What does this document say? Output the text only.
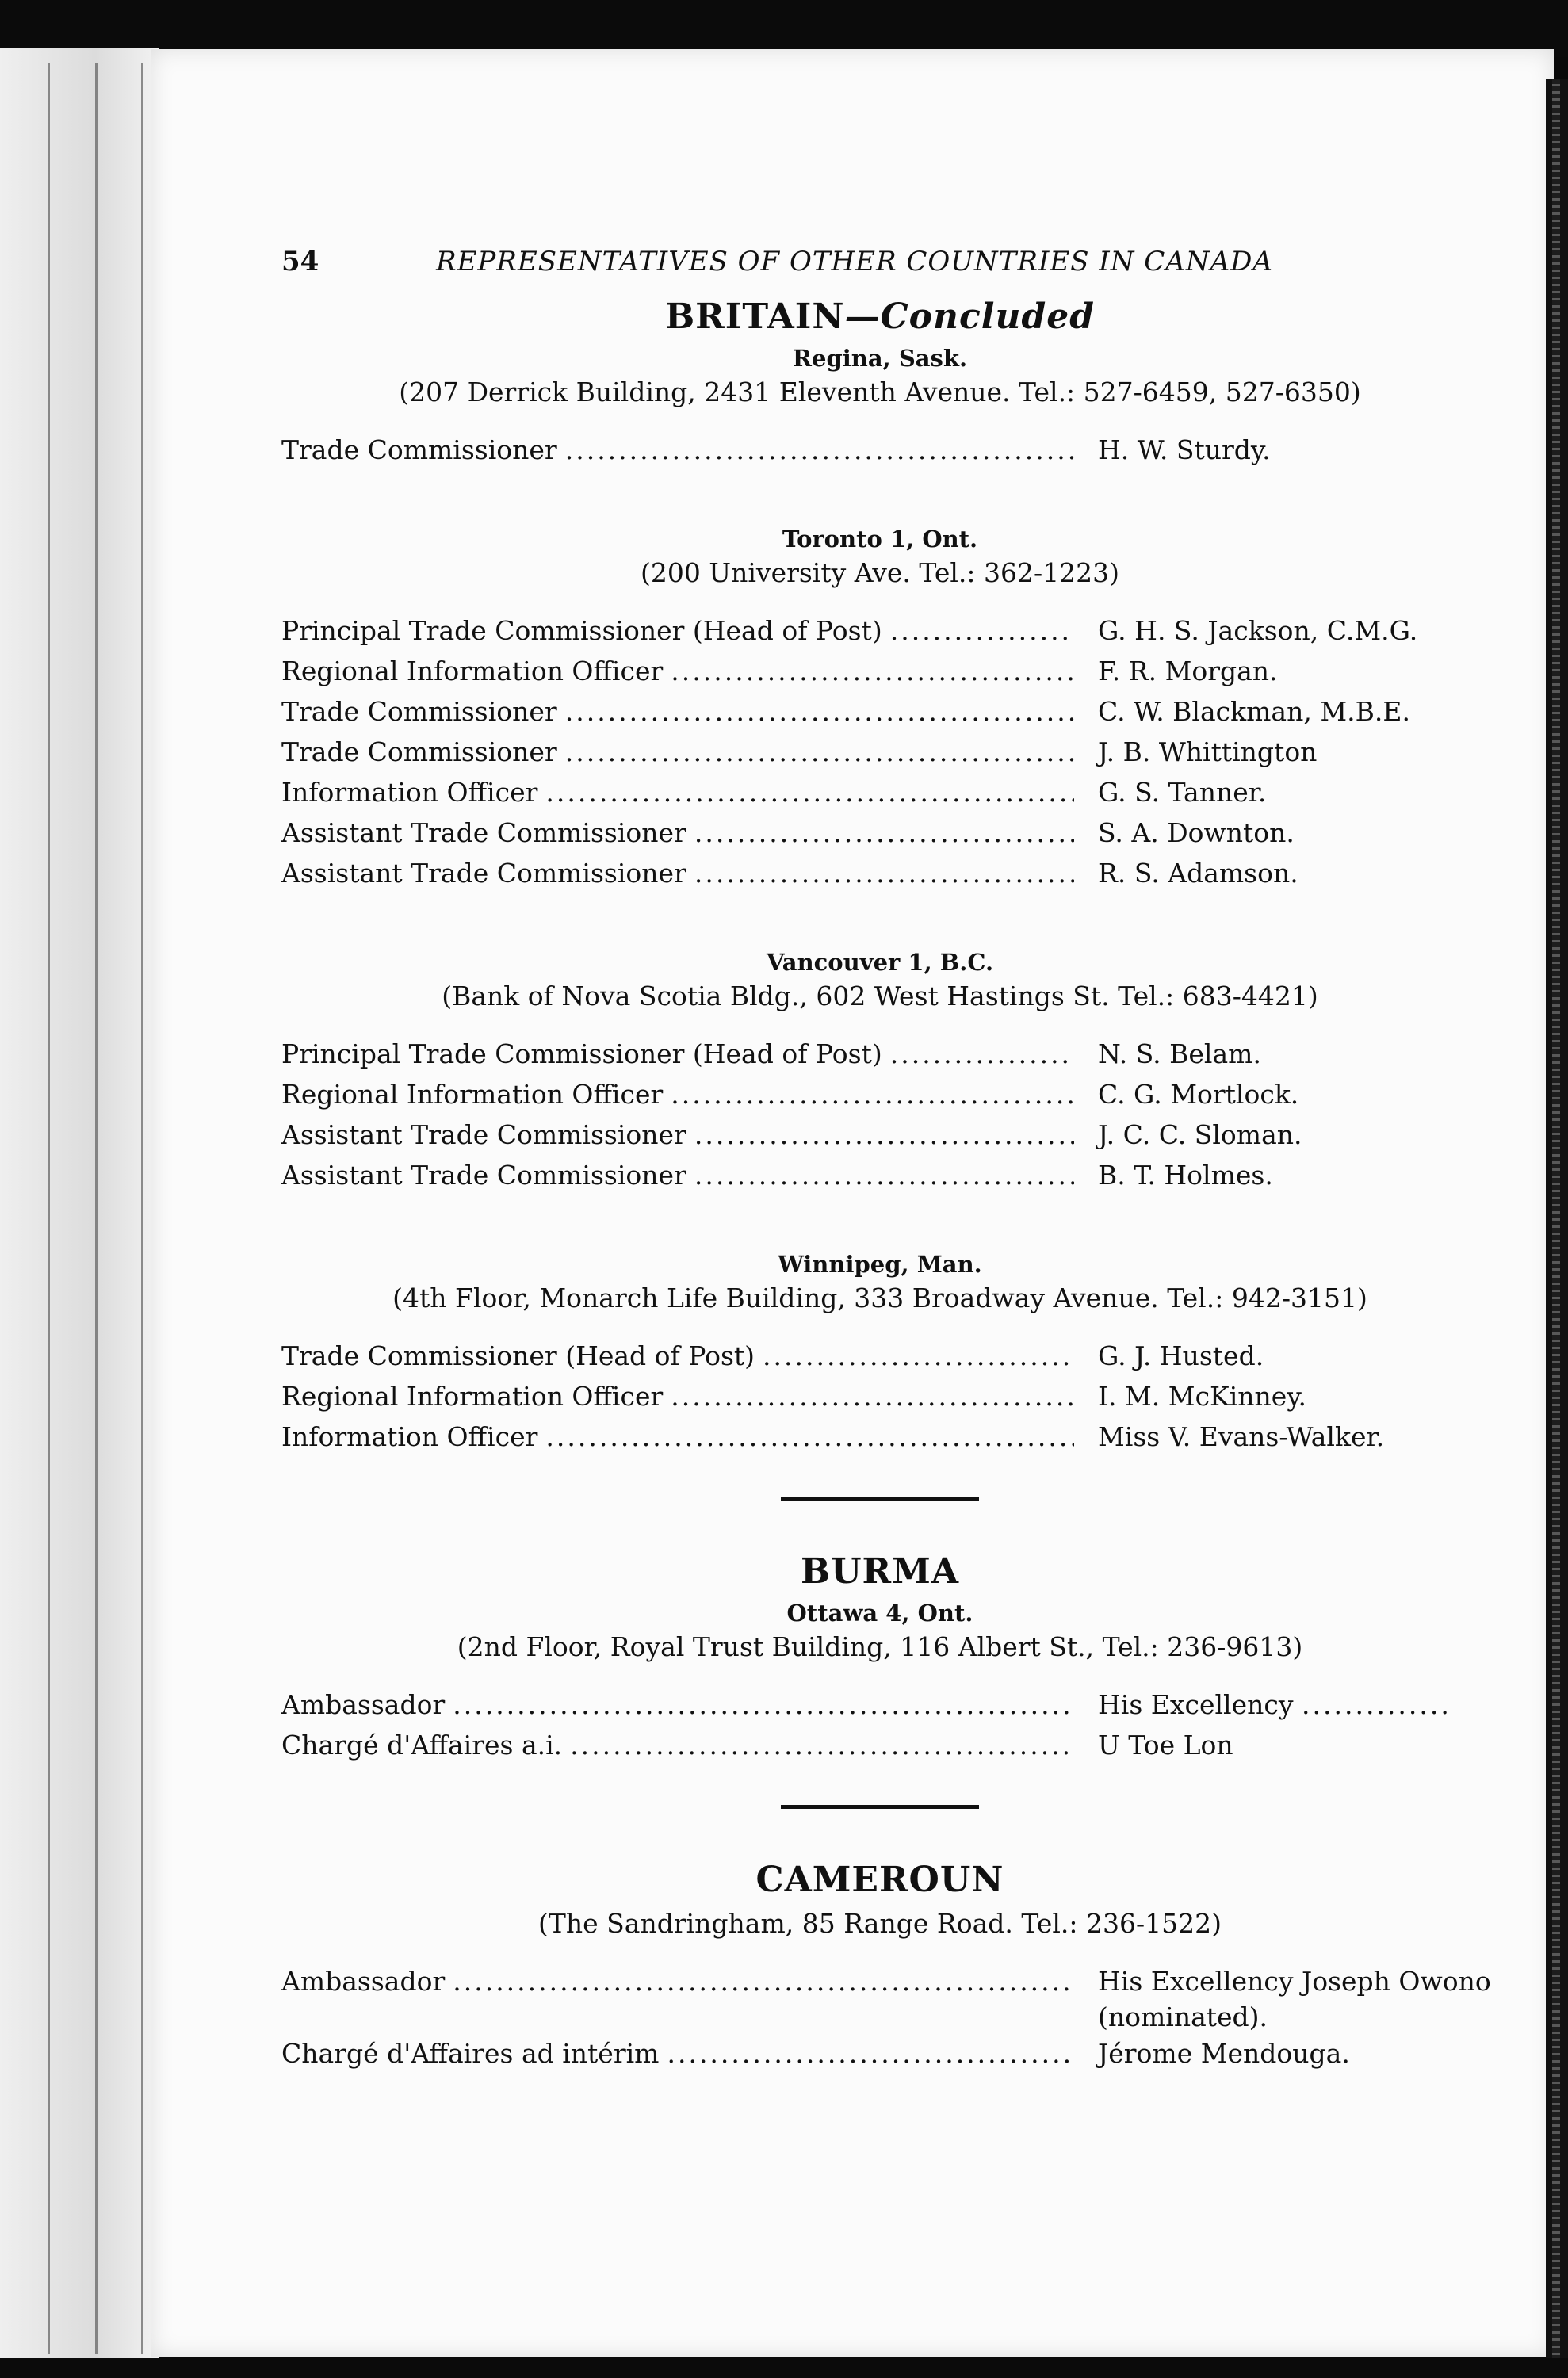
54	REPRESENTATIVES OF OTHER COUNTRIES IN CANADA
BRITAIN—Concluded
Regina, Sask.
(207 Derrick Building, 2431 Eleventh Avenue. Tel.: 527-6459, 527-6350)
Trade Commissioner .....	H. W. Sturdy.
Toronto 1, Ont.
(200 University Ave. Tel.: 362-1223)
Principal Trade Commissioner (Head of Post) .....	G. H. S. Jackson, C.M.G.
Regional Information Officer .....	F. R. Morgan.
Trade Commissioner .....	C. W. Blackman, M.B.E.
Trade Commissioner .....	J. B. Whittington
Information Officer .....	G. S. Tanner.
Assistant Trade Commissioner .....	S. A. Downton.
Assistant Trade Commissioner .....	R. S. Adamson.
Vancouver 1, B.C.
(Bank of Nova Scotia Bldg., 602 West Hastings St. Tel.: 683-4421)
Principal Trade Commissioner (Head of Post) .....	N. S. Belam.
Regional Information Officer .....	C. G. Mortlock.
Assistant Trade Commissioner .....	J. C. C. Sloman.
Assistant Trade Commissioner .....	B. T. Holmes.
Winnipeg, Man.
(4th Floor, Monarch Life Building, 333 Broadway Avenue. Tel.: 942-3151)
Trade Commissioner (Head of Post) .....	G. J. Husted.
Regional Information Officer .....	I. M. McKinney.
Information Officer .....	Miss V. Evans-Walker.
BURMA
Ottawa 4, Ont.
(2nd Floor, Royal Trust Building, 116 Albert St., Tel.: 236-9613)
Ambassador .....	His Excellency ..............
Chargé d'Affaires a.i. .....	U Toe Lon
CAMEROUN
(The Sandringham, 85 Range Road. Tel.: 236-1522)
Ambassador .....	His Excellency Joseph Owono
(nominated).
Chargé d'Affaires ad intérim .....	Jérome Mendouga.
